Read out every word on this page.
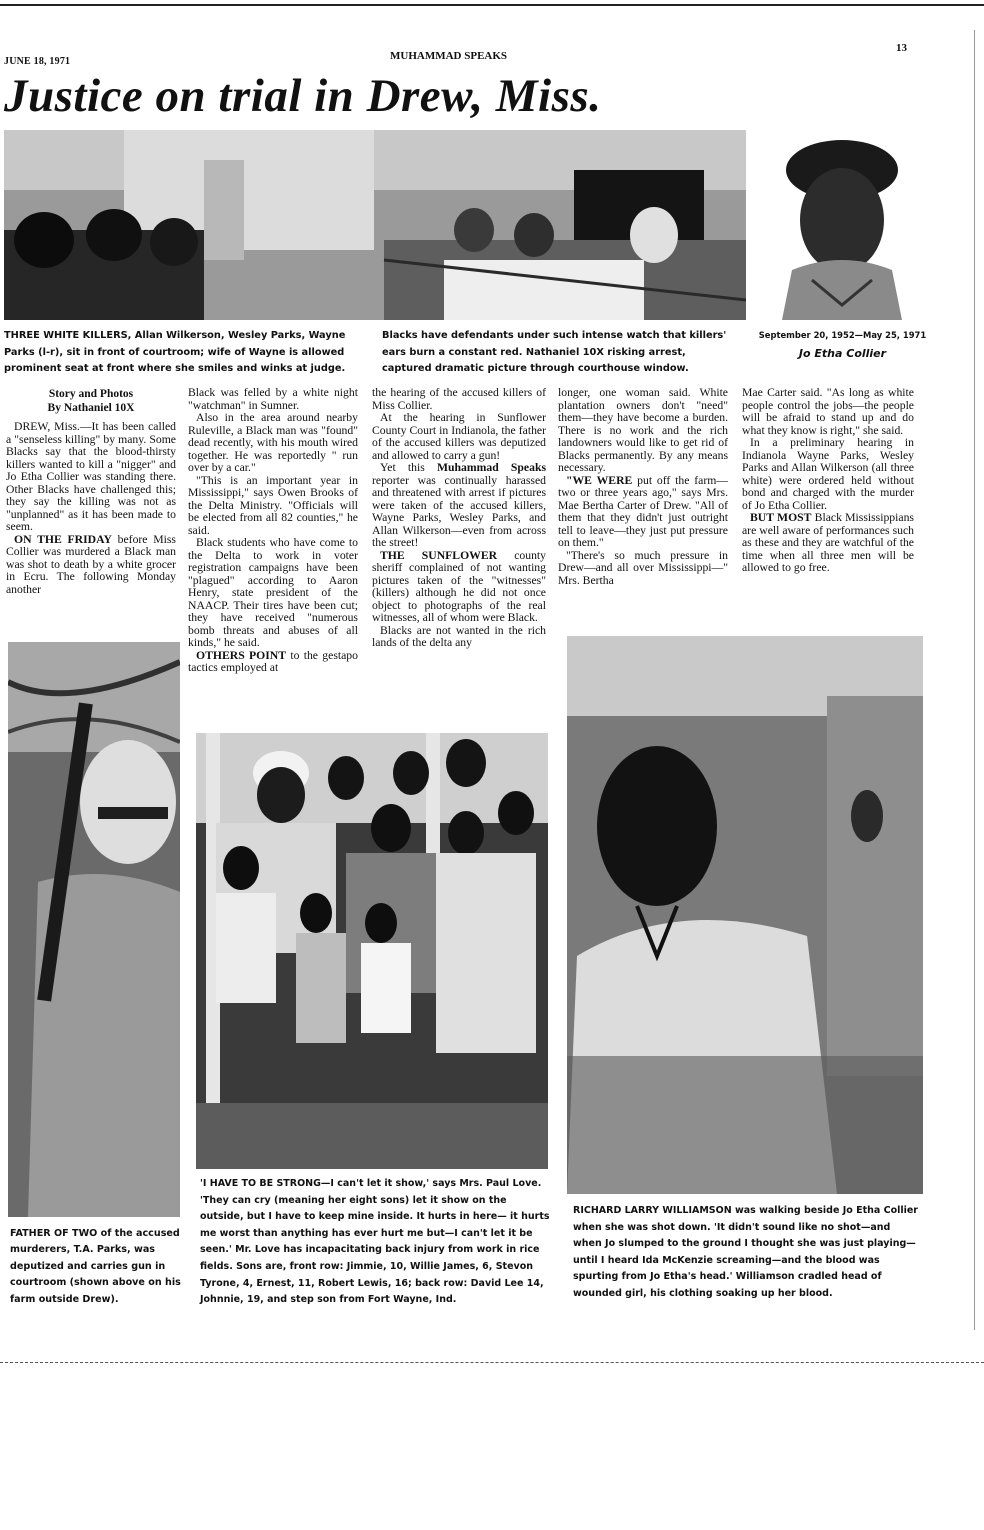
JUNE 18, 1971	MUHAMMAD SPEAKS
13
Justice on trial in Drew, Miss.
THREE WHITE KILLERS, Allan Wilkerson, Wesley Parks, Wayne Parks (l-r), sit in front of courtroom; wife of Wayne is allowed prominent seat at front where she smiles and winks at judge.
Blacks have defendants under such intense watch that killers' ears burn a constant red. Nathaniel 10X risking arrest, captured dramatic picture through courthouse window.
September 20, 1952—May 25, 1971
Jo Etha Collier
Story and Photos
By Nathaniel 10X

DREW, Miss.—It has been called a "senseless killing" by many. Some Blacks say that the blood-thirsty killers wanted to kill a "nigger" and Jo Etha Collier was standing there. Other Blacks have challenged this; they say the killing was not as "unplanned" as it has been made to seem.

ON THE FRIDAY before Miss Collier was murdered a Black man was shot to death by a white grocer in Ecru. The following Monday another

Black was felled by a white night "watchman" in Sumner.

Also in the area around nearby Ruleville, a Black man was "found" dead recently, with his mouth wired together. He was reportedly " run over by a car."

"This is an important year in Mississippi," says Owen Brooks of the Delta Ministry. "Officials will be elected from all 82 counties," he said.

Black students who have come to the Delta to work in voter registration campaigns have been "plagued" according to Aaron Henry, state president of the NAACP. Their tires have been cut; they have received "numerous bomb threats and abuses of all kinds," he said.

OTHERS POINT to the gestapo tactics employed at

the hearing of the accused killers of Miss Collier.

At the hearing in Sunflower County Court in Indianola, the father of the accused killers was deputized and allowed to carry a gun!

Yet this Muhammad Speaks reporter was continually harassed and threatened with arrest if pictures were taken of the accused killers, Wayne Parks, Wesley Parks, and Allan Wilkerson—even from across the street!

THE SUNFLOWER county sheriff complained of not wanting pictures taken of the "witnesses" (killers) although he did not once object to photographs of the real witnesses, all of whom were Black.

Blacks are not wanted in the rich lands of the delta any

longer, one woman said. White plantation owners don't "need" them—they have become a burden. There is no work and the rich landowners would like to get rid of Blacks permanently. By any means necessary.

"WE WERE put off the farm—two or three years ago," says Mrs. Mae Bertha Carter of Drew. "All of them that they didn't just outright tell to leave—they just put pressure on them."

"There's so much pressure in Drew—and all over Mississippi—" Mrs. Bertha

Mae Carter said. "As long as white people control the jobs—the people will be afraid to stand up and do what they know is right," she said.

In a preliminary hearing in Indianola Wayne Parks, Wesley Parks and Allan Wilkerson (all three white) were ordered held without bond and charged with the murder of Jo Etha Collier.

BUT MOST Black Mississippians are well aware of performances such as these and they are watchful of the time when all three men will be allowed to go free.

FATHER OF TWO of the accused murderers, T.A. Parks, was deputized and carries gun in courtroom (shown above on his farm outside Drew).
'I HAVE TO BE STRONG—I can't let it show,' says Mrs. Paul Love. 'They can cry (meaning her eight sons) let it show on the outside, but I have to keep mine inside. It hurts in here— it hurts me worst than anything has ever hurt me but—I can't let it be seen.' Mr. Love has incapacitating back injury from work in rice fields. Sons are, front row: Jimmie, 10, Willie James, 6, Stevon Tyrone, 4, Ernest, 11, Robert Lewis, 16; back row: David Lee 14, Johnnie, 19, and step son from Fort Wayne, Ind.
RICHARD LARRY WILLIAMSON was walking beside Jo Etha Collier when she was shot down. 'It didn't sound like no shot—and when Jo slumped to the ground I thought she was just playing—until I heard Ida McKenzie screaming—and the blood was spurting from Jo Etha's head.' Williamson cradled head of wounded girl, his clothing soaking up her blood.
